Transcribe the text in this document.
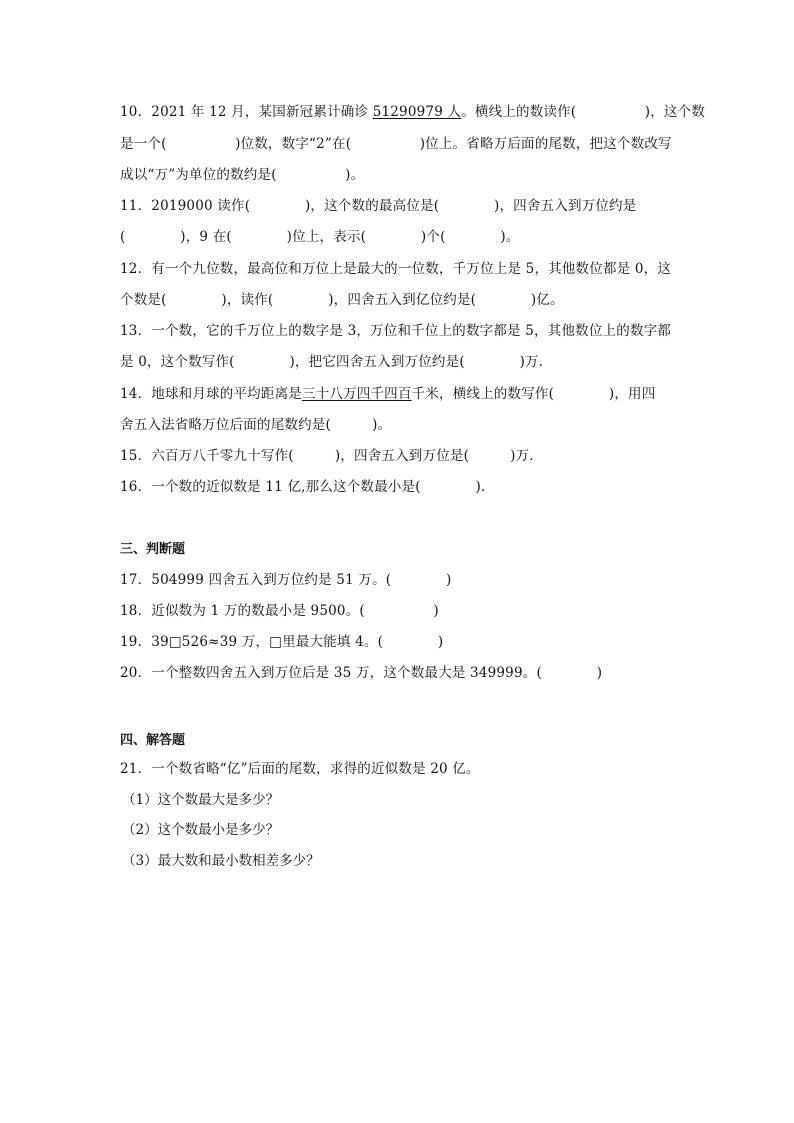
10．2021 年 12 月，某国新冠累计确诊 51290979 人。横线上的数读作(　　　　　)，这个数
是一个(　　　　　)位数，数字“2”在(　　　　　)位上。省略万后面的尾数，把这个数改写
成以“万”为单位的数约是(　　　　　)。
11．2019000 读作(　　　　)，这个数的最高位是(　　　　)，四舍五入到万位约是
(　　　　)，9 在(　　　　)位上，表示(　　　　)个(　　　　)。
12．有一个九位数，最高位和万位上是最大的一位数，千万位上是 5，其他数位都是 0，这
个数是(　　　　)，读作(　　　　)，四舍五入到亿位约是(　　　　)亿。
13．一个数，它的千万位上的数字是 3，万位和千位上的数字都是 5，其他数位上的数字都
是 0，这个数写作(　　　　)，把它四舍五入到万位约是(　　　　)万．
14．地球和月球的平均距离是三十八万四千四百千米，横线上的数写作(　　　　)，用四
舍五入法省略万位后面的尾数约是(　　　)。
15．六百万八千零九十写作(　　　)，四舍五入到万位是(　　　)万．
16．一个数的近似数是 11 亿,那么这个数最小是(　　　　)．
三、判断题
17．504999 四舍五入到万位约是 51 万。(　　　　)
18．近似数为 1 万的数最小是 9500。(　　　　　)
19．39□526≈39 万，□里最大能填 4。(　　　　)
20．一个整数四舍五入到万位后是 35 万，这个数最大是 349999。(　　　　)
四、解答题
21．一个数省略“亿”后面的尾数，求得的近似数是 20 亿。
（1）这个数最大是多少？
（2）这个数最小是多少？
（3）最大数和最小数相差多少？
